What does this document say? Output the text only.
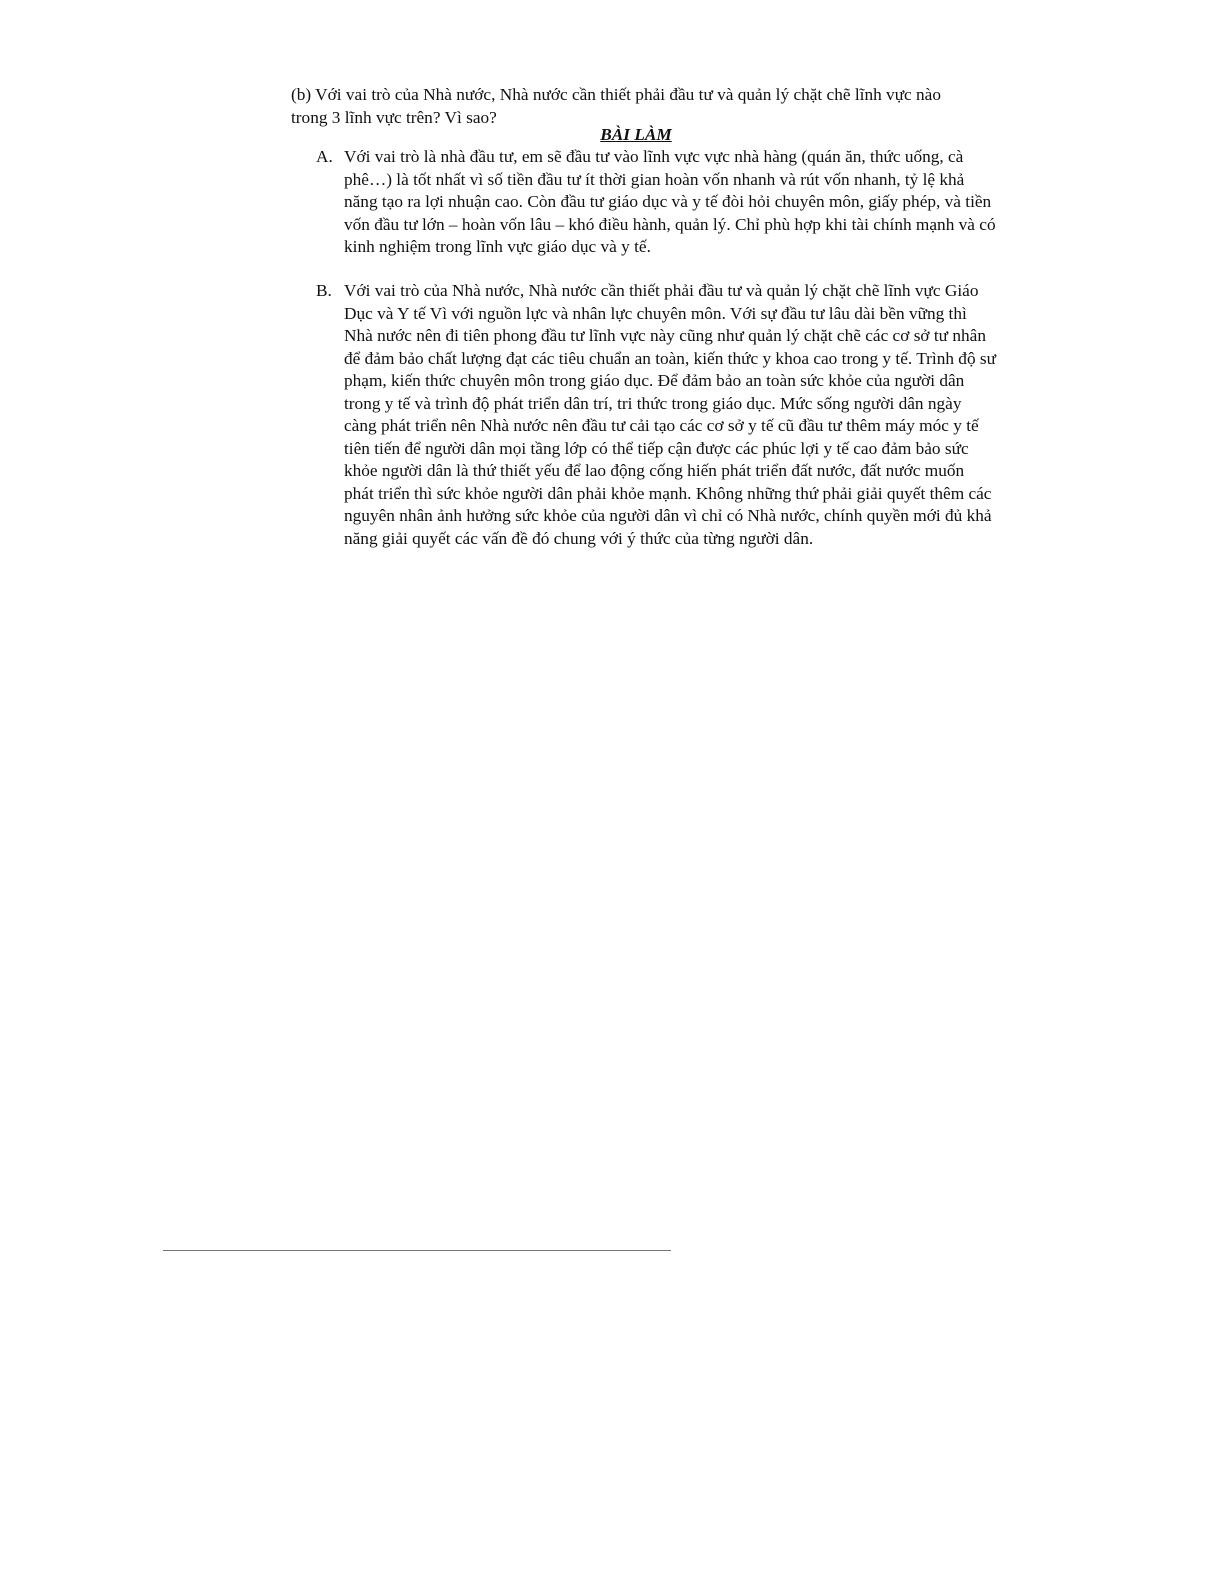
(b) Với vai trò của Nhà nước, Nhà nước cần thiết phải đầu tư và quản lý chặt chẽ lĩnh vực nào trong 3 lĩnh vực trên? Vì sao?

BÀI LÀM
A. Với vai trò là nhà đầu tư, em sẽ đầu tư vào lĩnh vực vực nhà hàng (quán ăn, thức uống, cà phê…) là tốt nhất vì số tiền đầu tư ít thời gian hoàn vốn nhanh và rút vốn nhanh, tỷ lệ khả năng tạo ra lợi nhuận cao. Còn đầu tư giáo dục và y tế đòi hỏi chuyên môn, giấy phép, và tiền vốn đầu tư lớn – hoàn vốn lâu – khó điều hành, quản lý. Chỉ phù hợp khi tài chính mạnh và có kinh nghiệm trong lĩnh vực giáo dục và y tế.
B. Với vai trò của Nhà nước, Nhà nước cần thiết phải đầu tư và quản lý chặt chẽ lĩnh vực Giáo Dục và Y tế Vì với nguồn lực và nhân lực chuyên môn. Với sự đầu tư lâu dài bền vững thì Nhà nước nên đi tiên phong đầu tư lĩnh vực này cũng như quản lý chặt chẽ các cơ sở tư nhân để đảm bảo chất lượng đạt các tiêu chuẩn an toàn, kiến thức y khoa cao trong y tế. Trình độ sư phạm, kiến thức chuyên môn trong giáo dục. Để đảm bảo an toàn sức khỏe của người dân trong y tế và trình độ phát triển dân trí, tri thức trong giáo dục. Mức sống người dân ngày càng phát triển nên Nhà nước nên đầu tư cải tạo các cơ sở y tế cũ đầu tư thêm máy móc y tế tiên tiến để người dân mọi tầng lớp có thể tiếp cận được các phúc lợi y tế cao đảm bảo sức khỏe người dân là thứ thiết yếu để lao động cống hiến phát triển đất nước, đất nước muốn phát triển thì sức khỏe người dân phải khỏe mạnh. Không những thứ phải giải quyết thêm các nguyên nhân ảnh hưởng sức khỏe của người dân vì chỉ có Nhà nước, chính quyền mới đủ khả năng giải quyết các vấn đề đó chung với ý thức của từng người dân.
